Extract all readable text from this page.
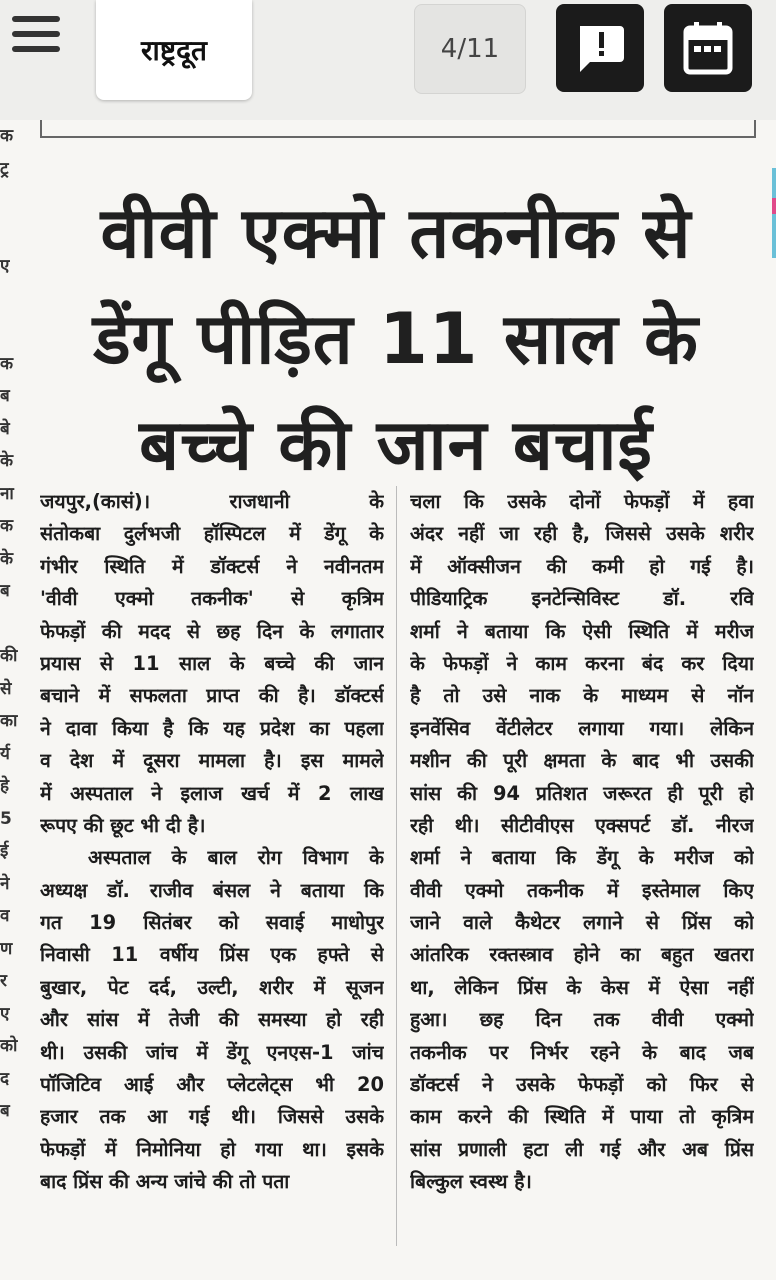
राष्ट्रदूत	4/11
क
ट्र
ए
क
ब
बे
के
ना
क
के
ब
की
से
का
र्य
हे
5
ई
ने
व
ण
र
ए
को
द
ब
वीवी एक्मो तकनीक से
डेंगू पीड़ित 11 साल के
बच्चे की जान बचाई
जयपुर,(कासं)। राजधानी के
संतोकबा दुर्लभजी हॉस्पिटल में डेंगू के
गंभीर स्थिति में डॉक्टर्स ने नवीनतम
'वीवी एक्मो तकनीक' से कृत्रिम
फेफड़ों की मदद से छह दिन के लगातार
प्रयास से 11 साल के बच्चे की जान
बचाने में सफलता प्राप्त की है। डॉक्टर्स
ने दावा किया है कि यह प्रदेश का पहला
व देश में दूसरा मामला है। इस मामले
में अस्पताल ने इलाज खर्च में 2 लाख
रूपए की छूट भी दी है।
अस्पताल के बाल रोग विभाग के
अध्यक्ष डॉ. राजीव बंसल ने बताया कि
गत 19 सितंबर को सवाई माधोपुर
निवासी 11 वर्षीय प्रिंस एक हफ्ते से
बुखार, पेट दर्द, उल्टी, शरीर में सूजन
और सांस में तेजी की समस्या हो रही
थी। उसकी जांच में डेंगू एनएस-1 जांच
पॉजिटिव आई और प्लेटलेट्स भी 20
हजार तक आ गई थी। जिससे उसके
फेफड़ों में निमोनिया हो गया था। इसके
बाद प्रिंस की अन्य जांचे की तो पता
चला कि उसके दोनों फेफड़ों में हवा
अंदर नहीं जा रही है, जिससे उसके शरीर
में ऑक्सीजन की कमी हो गई है।
पीडियाट्रिक इनटेन्सिविस्ट डॉ. रवि
शर्मा ने बताया कि ऐसी स्थिति में मरीज
के फेफड़ों ने काम करना बंद कर दिया
है तो उसे नाक के माध्यम से नॉन
इनवेंसिव वेंटीलेटर लगाया गया। लेकिन
मशीन की पूरी क्षमता के बाद भी उसकी
सांस की 94 प्रतिशत जरूरत ही पूरी हो
रही थी। सीटीवीएस एक्सपर्ट डॉ. नीरज
शर्मा ने बताया कि डेंगू के मरीज को
वीवी एक्मो तकनीक में इस्तेमाल किए
जाने वाले कैथेटर लगाने से प्रिंस को
आंतरिक रक्तस्त्राव होने का बहुत खतरा
था, लेकिन प्रिंस के केस में ऐसा नहीं
हुआ। छह दिन तक वीवी एक्मो
तकनीक पर निर्भर रहने के बाद जब
डॉक्टर्स ने उसके फेफड़ों को फिर से
काम करने की स्थिति में पाया तो कृत्रिम
सांस प्रणाली हटा ली गई और अब प्रिंस
बिल्कुल स्वस्थ है।
